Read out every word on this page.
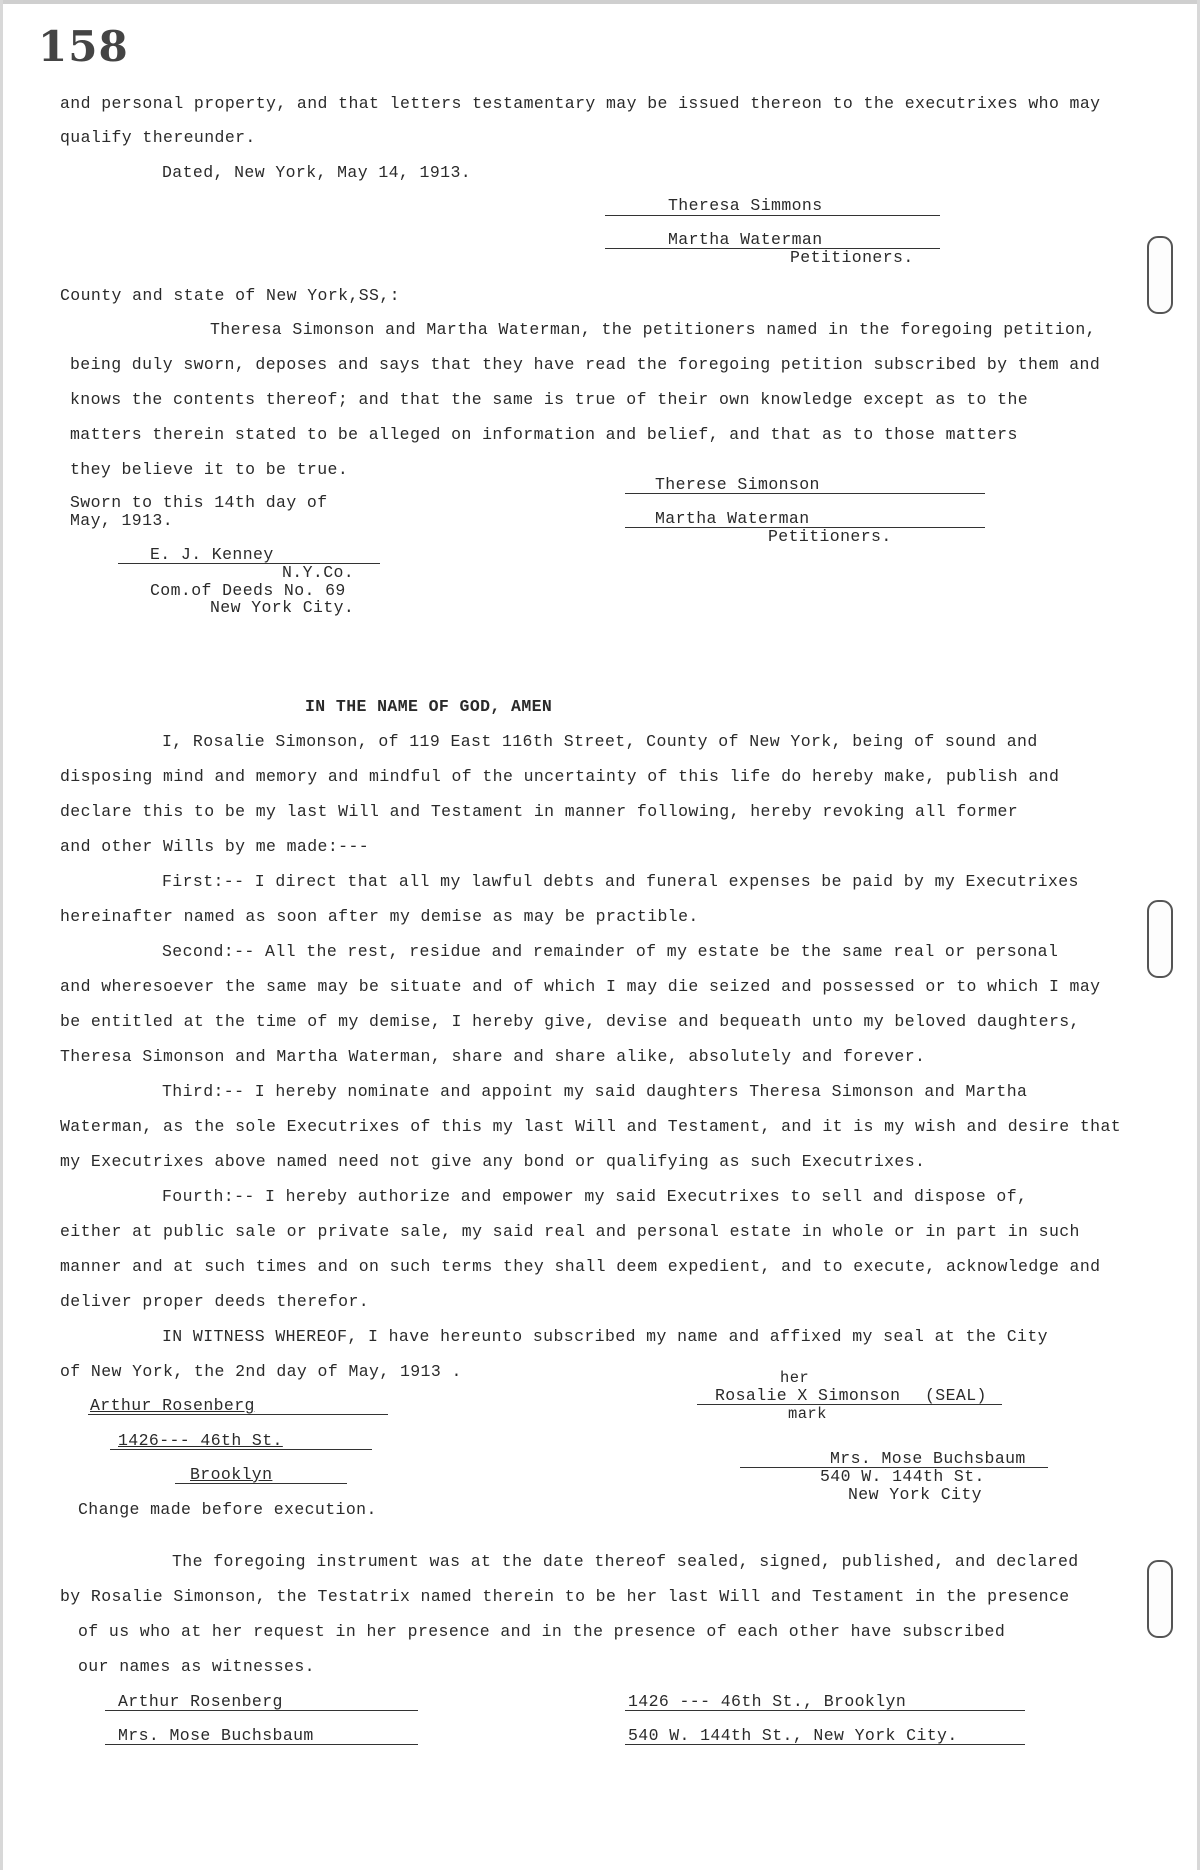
158
and personal property, and that letters testamentary may be issued thereon to the executrixes who may
qualify thereunder.
Dated, New York, May 14, 1913.
Theresa Simmons
Martha Waterman
Petitioners.
County and state of New York,SS,:
Theresa Simonson and Martha Waterman, the petitioners named in the foregoing petition,
being duly sworn, deposes and says that they have read the foregoing petition subscribed by them and
knows the contents thereof; and that the same is true of their own knowledge except as to the
matters therein stated to be alleged on information and belief, and that as to those matters
they believe it to be true.
Therese Simonson
Martha Waterman
Petitioners.
Sworn to this 14th day of
May, 1913.
E. J. Kenney
N.Y.Co.
Com.of Deeds No. 69
New York City.
IN THE NAME OF GOD, AMEN
I, Rosalie Simonson, of 119 East 116th Street, County of New York, being of sound and
disposing mind and memory and mindful of the uncertainty of this life do hereby make, publish and
declare this to be my last Will and Testament in manner following, hereby revoking all former
and other Wills by me made:---
First:-- I direct that all my lawful debts and funeral expenses be paid by my Executrixes
hereinafter named as soon after my demise as may be practible.
Second:-- All the rest, residue and remainder of my estate be the same real or personal
and wheresoever the same may be situate and of which I may die seized and possessed or to which I may
be entitled at the time of my demise, I hereby give, devise and bequeath unto my beloved daughters,
Theresa Simonson and Martha Waterman, share and share alike, absolutely and forever.
Third:-- I hereby nominate and appoint my said daughters Theresa Simonson and Martha
Waterman, as the sole Executrixes of this my last Will and Testament, and it is my wish and desire that
my Executrixes above named need not give any bond or qualifying as such Executrixes.
Fourth:-- I hereby authorize and empower my said Executrixes to sell and dispose of,
either at public sale or private sale, my said real and personal estate in whole or in part in such
manner and at such times and on such terms they shall deem expedient, and to execute, acknowledge and
deliver proper deeds therefor.
IN WITNESS WHEREOF, I have hereunto subscribed my name and affixed my seal at the City
of New York, the 2nd day of May, 1913 .
Arthur Rosenberg
1426--- 46th St.
Brooklyn
Change made before execution.
her
Rosalie X Simonson (SEAL)
mark
Mrs. Mose Buchsbaum
540 W. 144th St.
New York City
The foregoing instrument was at the date thereof sealed, signed, published, and declared
by Rosalie Simonson, the Testatrix named therein to be her last Will and Testament in the presence
of us who at her request in her presence and in the presence of each other have subscribed
our names as witnesses.
Arthur Rosenberg
Mrs. Mose Buchsbaum
1426 --- 46th St., Brooklyn
540 W. 144th St., New York City.
